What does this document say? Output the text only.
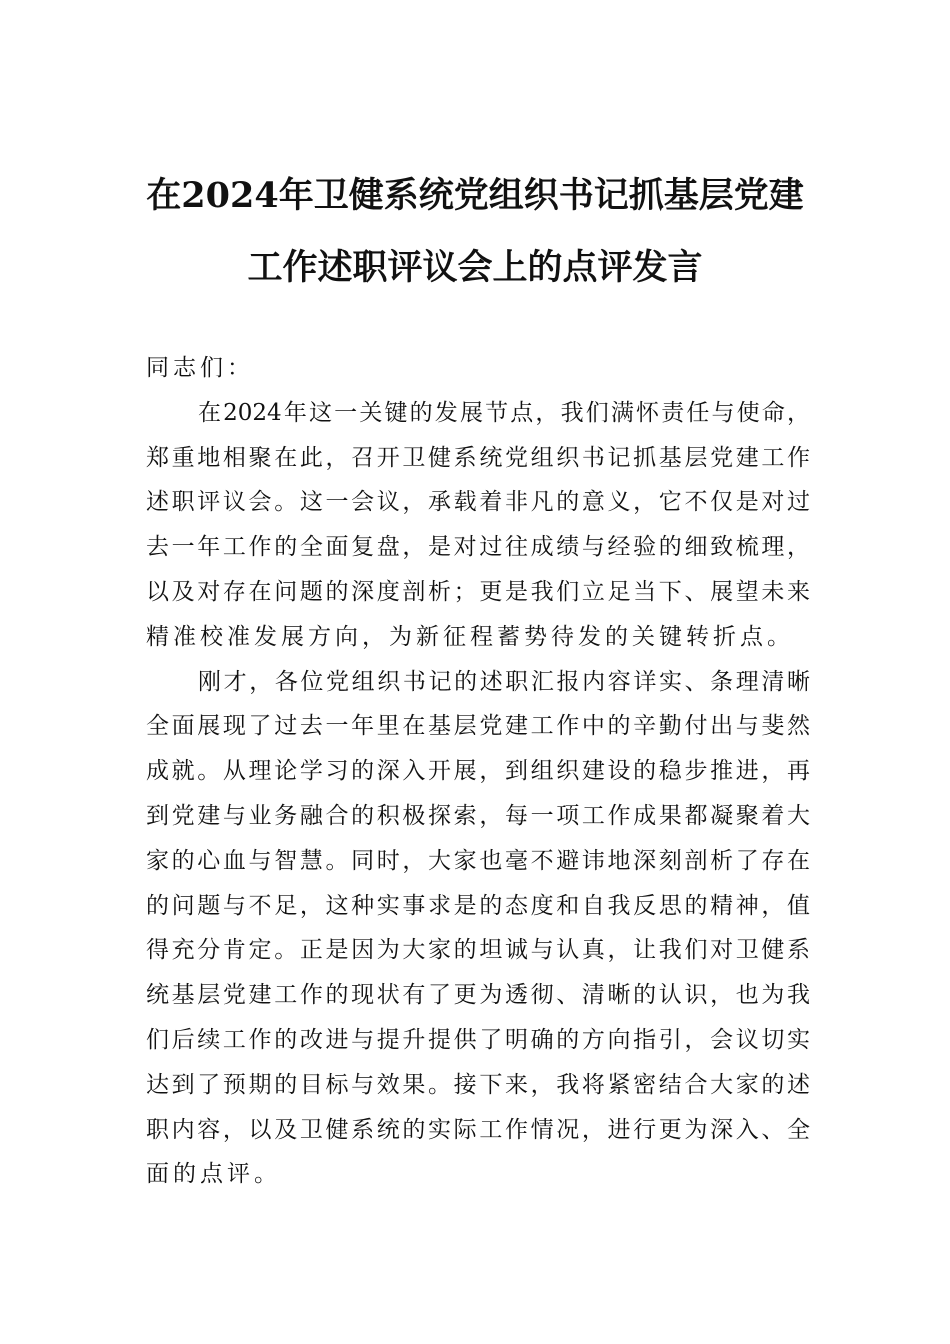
在2024年卫健系统党组织书记抓基层党建
工作述职评议会上的点评发言
同志们：
在2024年这一关键的发展节点，我们满怀责任与使命，
郑重地相聚在此，召开卫健系统党组织书记抓基层党建工作
述职评议会。这一会议，承载着非凡的意义，它不仅是对过
去一年工作的全面复盘，是对过往成绩与经验的细致梳理，
以及对存在问题的深度剖析；更是我们立足当下、展望未来
精准校准发展方向，为新征程蓄势待发的关键转折点。
刚才，各位党组织书记的述职汇报内容详实、条理清晰
全面展现了过去一年里在基层党建工作中的辛勤付出与斐然
成就。从理论学习的深入开展，到组织建设的稳步推进，再
到党建与业务融合的积极探索，每一项工作成果都凝聚着大
家的心血与智慧。同时，大家也毫不避讳地深刻剖析了存在
的问题与不足，这种实事求是的态度和自我反思的精神，值
得充分肯定。正是因为大家的坦诚与认真，让我们对卫健系
统基层党建工作的现状有了更为透彻、清晰的认识，也为我
们后续工作的改进与提升提供了明确的方向指引，会议切实
达到了预期的目标与效果。接下来，我将紧密结合大家的述
职内容，以及卫健系统的实际工作情况，进行更为深入、全
面的点评。
